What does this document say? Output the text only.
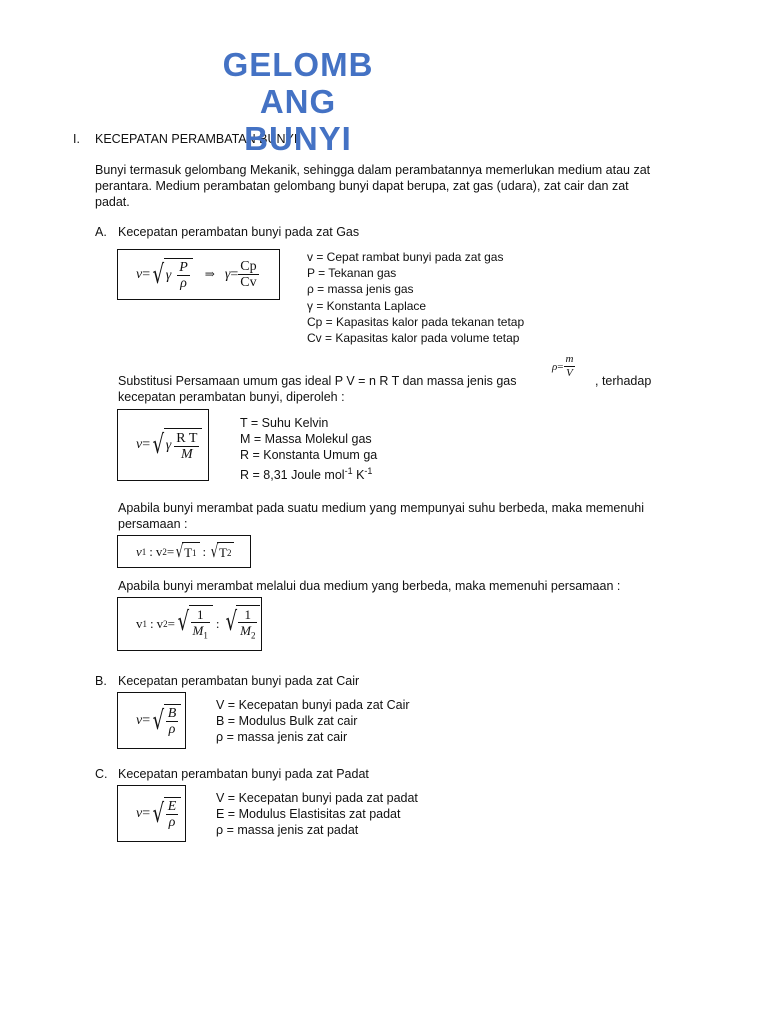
GELOMB
ANG
I. KECEPATAN PERAMBATAN BUNYI
BUNYI
Bunyi termasuk gelombang Mekanik, sehingga dalam perambatannya memerlukan medium atau zat
perantara. Medium perambatan gelombang bunyi dapat berupa, zat gas (udara), zat cair dan zat
padat.
A. Kecepatan perambatan bunyi pada zat Gas
v = √ γ $\frac{P}{\rho}$ ⇒ $\gamma = \frac{Cp}{Cv}$
v = Cepat rambat bunyi pada zat gas
P = Tekanan gas
ρ = massa jenis gas
γ = Konstanta Laplace
Cp = Kapasitas kalor pada tekanan tetap
Cv = Kapasitas kalor pada volume tetap
Substitusi Persamaan umum gas ideal P V = n R T dan massa jenis gas
$\rho = \frac{m}{V}$
, terhadap
kecepatan perambatan bunyi, diperoleh :
v = √ γ $\frac{\text{R T}}{M}$
T = Suhu Kelvin
M = Massa Molekul gas
R = Konstanta Umum ga
R = 8,31 Joule mol$^{-1}$ $K^{-1}$
Apabila bunyi merambat pada suatu medium yang mempunyai suhu berbeda, maka memenuhi
persamaan :
v 1 : v 2 = √ T 1 : √ T 2
Apabila bunyi merambat melalui dua medium yang berbeda, maka memenuhi persamaan :
v 1 : v 2 = √ $\frac{1}{M_1}$ : √ $\frac{1}{M_2}$
B. Kecepatan perambatan bunyi pada zat Cair
v = √ $\frac{B}{\rho}$
V = Kecepatan bunyi pada zat Cair
B = Modulus Bulk zat cair
ρ = massa jenis zat cair
C. Kecepatan perambatan bunyi pada zat Padat
v = √ $\frac{E}{\rho}$
V = Kecepatan bunyi pada zat padat
E = Modulus Elastisitas zat padat
ρ = massa jenis zat padat
